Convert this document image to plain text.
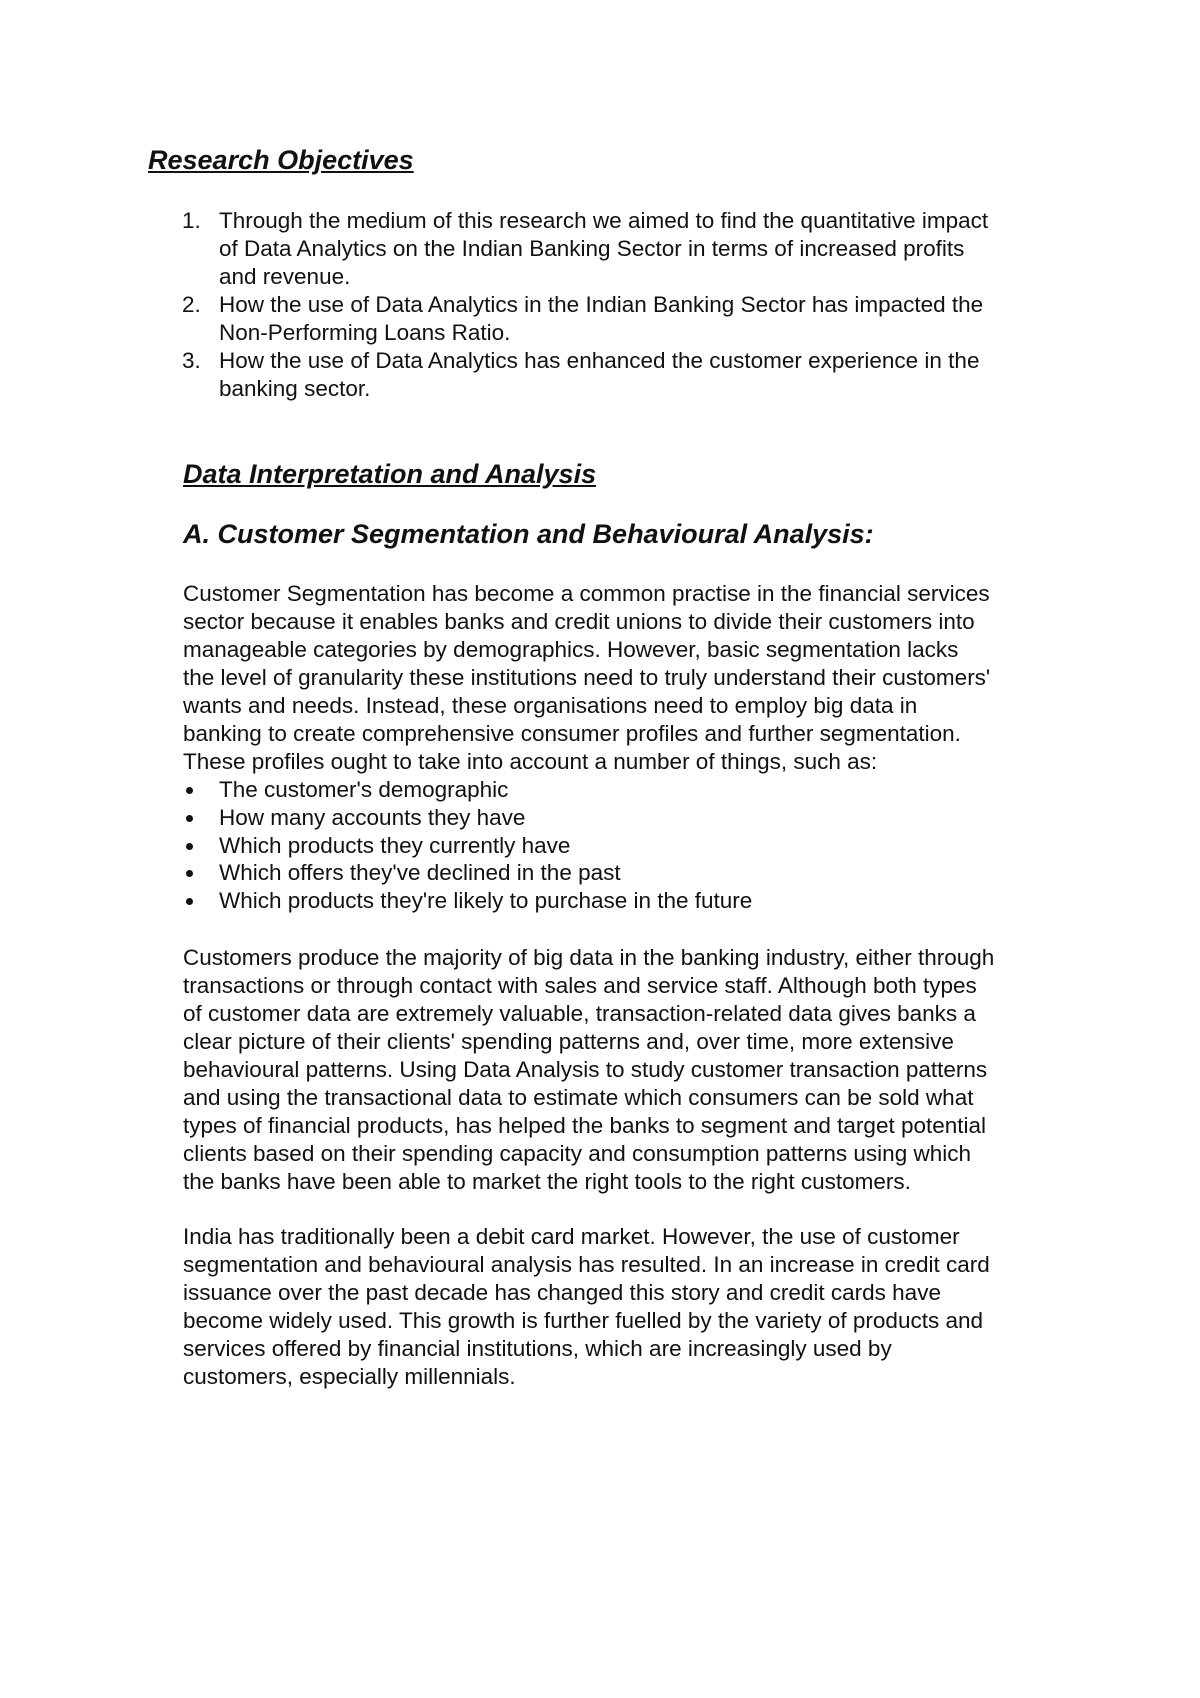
Research Objectives
1. Through the medium of this research we aimed to find the quantitative impact
of Data Analytics on the Indian Banking Sector in terms of increased profits
and revenue.
2. How the use of Data Analytics in the Indian Banking Sector has impacted the
Non-Performing Loans Ratio.
3. How the use of Data Analytics has enhanced the customer experience in the
banking sector.
Data Interpretation and Analysis
A. Customer Segmentation and Behavioural Analysis:

Customer Segmentation has become a common practise in the financial services
sector because it enables banks and credit unions to divide their customers into
manageable categories by demographics. However, basic segmentation lacks
the level of granularity these institutions need to truly understand their customers'
wants and needs. Instead, these organisations need to employ big data in
banking to create comprehensive consumer profiles and further segmentation.
These profiles ought to take into account a number of things, such as:

The customer's demographic
How many accounts they have
Which products they currently have
Which offers they've declined in the past
Which products they're likely to purchase in the future

Customers produce the majority of big data in the banking industry, either through
transactions or through contact with sales and service staff. Although both types
of customer data are extremely valuable, transaction-related data gives banks a
clear picture of their clients' spending patterns and, over time, more extensive
behavioural patterns. Using Data Analysis to study customer transaction patterns
and using the transactional data to estimate which consumers can be sold what
types of financial products, has helped the banks to segment and target potential
clients based on their spending capacity and consumption patterns using which
the banks have been able to market the right tools to the right customers.

India has traditionally been a debit card market. However, the use of customer
segmentation and behavioural analysis has resulted. In an increase in credit card
issuance over the past decade has changed this story and credit cards have
become widely used. This growth is further fuelled by the variety of products and
services offered by financial institutions, which are increasingly used by
customers, especially millennials.
